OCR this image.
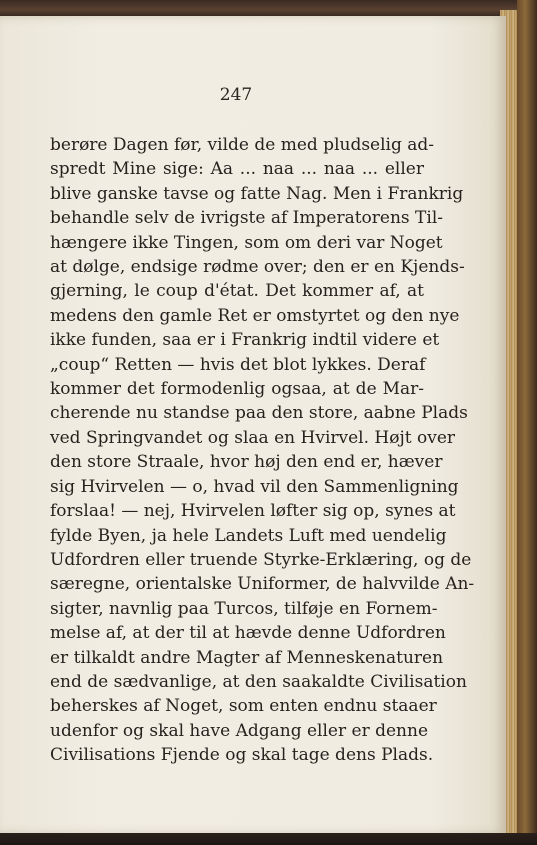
247
berøre Dagen før, vilde de med pludselig ad-
spredt Mine sige: Aa ... naa ... naa ... eller
blive ganske tavse og fatte Nag. Men i Frankrig
behandle selv de ivrigste af Imperatorens Til-
hængere ikke Tingen, som om deri var Noget
at dølge, endsige rødme over; den er en Kjends-
gjerning, le coup d'état. Det kommer af, at
medens den gamle Ret er omstyrtet og den nye
ikke funden, saa er i Frankrig indtil videre et
„coup“ Retten — hvis det blot lykkes. Deraf
kommer det formodenlig ogsaa, at de Mar-
cherende nu standse paa den store, aabne Plads
ved Springvandet og slaa en Hvirvel. Højt over
den store Straale, hvor høj den end er, hæver
sig Hvirvelen — o, hvad vil den Sammenligning
forslaa! — nej, Hvirvelen løfter sig op, synes at
fylde Byen, ja hele Landets Luft med uendelig
Udfordren eller truende Styrke-Erklæring, og de
særegne, orientalske Uniformer, de halvvilde An-
sigter, navnlig paa Turcos, tilføje en Fornem-
melse af, at der til at hævde denne Udfordren
er tilkaldt andre Magter af Menneskenaturen
end de sædvanlige, at den saakaldte Civilisation
beherskes af Noget, som enten endnu staaer
udenfor og skal have Adgang eller er denne
Civilisations Fjende og skal tage dens Plads.
